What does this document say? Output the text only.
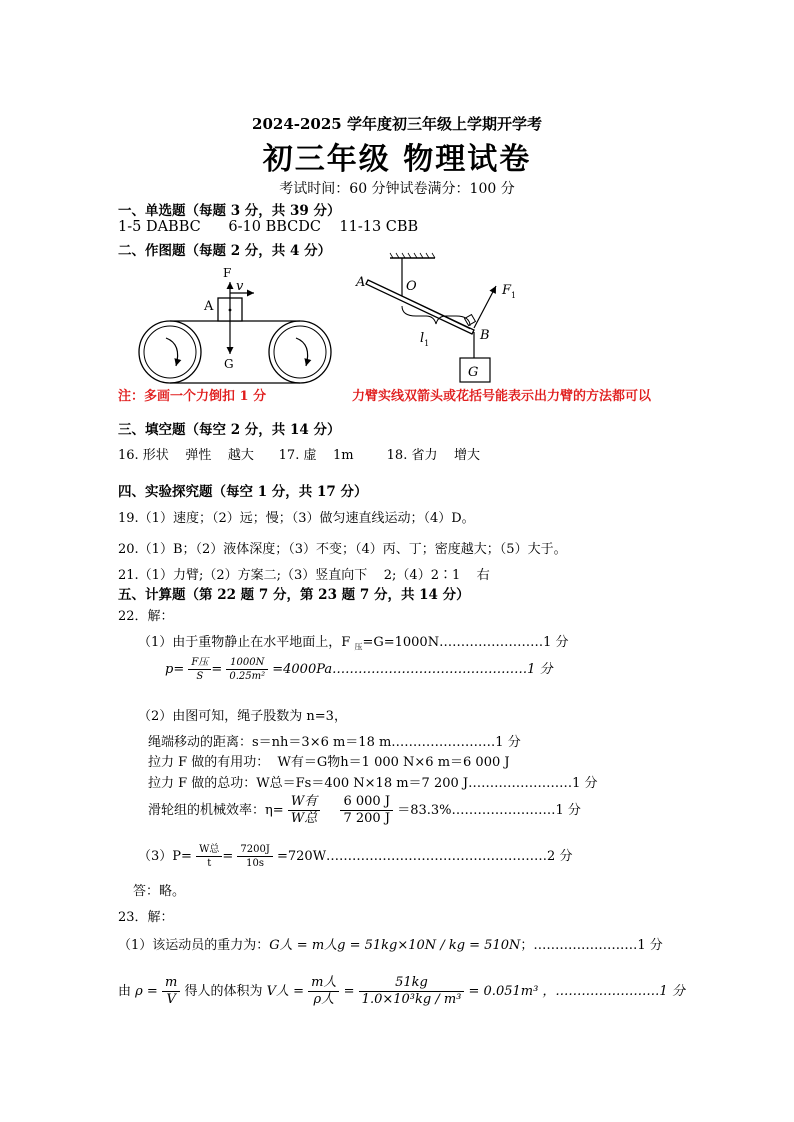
2024-2025 学年度初三年级上学期开学考
初三年级 物理试卷
考试时间：60 分钟试卷满分：100 分
一、单选题（每题 3 分，共 39 分）
1-5 DABBC      6-10 BBCDC    11-13 CBB
二、作图题（每题 2 分，共 4 分）
F
v
A
G
A	O	$F_1$
B
$l_1$
G
注：多画一个力倒扣 1 分	力臂实线双箭头或花括号能表示出力臂的方法都可以
三、填空题（每空 2 分，共 14 分）
16. 形状    弹性    越大      17. 虚    1m        18. 省力    增大
四、实验探究题（每空 1 分，共 17 分）
19.（1）速度；（2）远；慢；（3）做匀速直线运动；（4）D。
20.（1）B；（2）液体深度；（3）不变；（4）丙、丁；密度越大；（5）大于。
21.（1）力臂;（2）方案二;（3）竖直向下    2;（4）2∶1    右
五、计算题（第 22 题 7 分，第 23 题 7 分，共 14 分）
22．解：
（1）由于重物静止在水平地面上，F $_压$=G=1000N……………………1 分
$p= \frac{\text{F压}}{S} = \frac{1000N}{\text{0.25m²}}$ =4000Pa………………………………………1 分
（2）由图可知，绳子股数为 n=3，
绳端移动的距离：s＝nh＝3×6 m＝18 m……………………1 分
拉力 F 做的有用功：  W有＝G物h＝1 000 N×6 m＝6 000 J
拉力 F 做的总功：W总＝Fs＝400 N×18 m＝7 200 J……………………1 分
滑轮组的机械效率：$\eta= \frac{\text{W有}}{\text{W总}}$
$\frac{6 000 J}{7 200 J}$ ＝83.3%……………………1 分
$(3)P= \frac{\text{W总}}{t} = \frac{7200J}{10s}$ =720W……………………………………………2 分
答：略。
23．解：
（1）该运动员的重力为：G人 = m人g = 51kg×10N / kg = 510N；……………………1 分
由 $\rho = \frac{m}{V}$ 得人的体积为 V人 = $\frac{\text{m人}}{\text{ρ人}} = \frac{51kg}{\text{1.0×10³kg / m³}} = 0.051m^3$ ，……………………1 分
